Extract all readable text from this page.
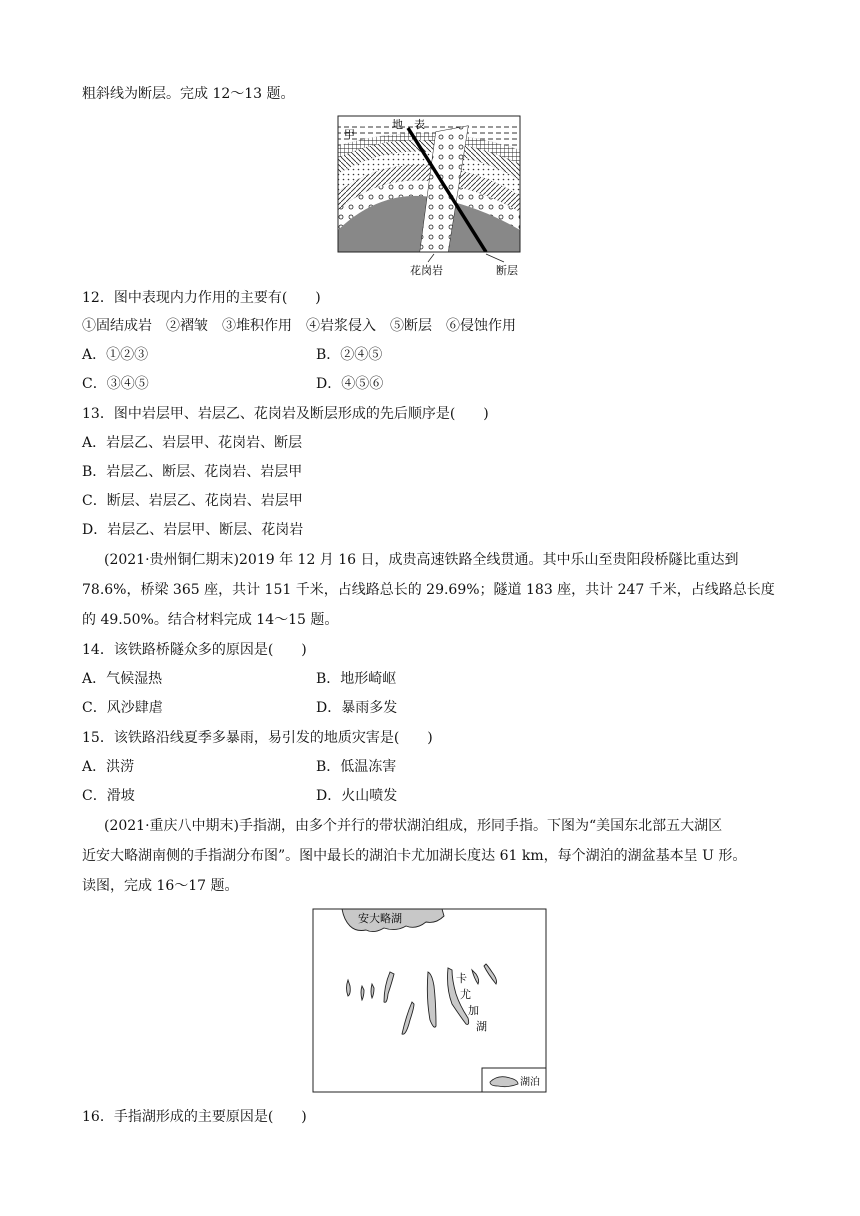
粗斜线为断层。完成 12～13 题。
甲
地　表
花岗岩	断层
12．图中表现内力作用的主要有(　　)
①固结成岩　②褶皱　③堆积作用　④岩浆侵入　⑤断层　⑥侵蚀作用
A．①②③	B．②④⑤
C．③④⑤	D．④⑤⑥
13．图中岩层甲、岩层乙、花岗岩及断层形成的先后顺序是(　　)
A．岩层乙、岩层甲、花岗岩、断层
B．岩层乙、断层、花岗岩、岩层甲
C．断层、岩层乙、花岗岩、岩层甲
D．岩层乙、岩层甲、断层、花岗岩
(2021·贵州铜仁期末)2019 年 12 月 16 日，成贵高速铁路全线贯通。其中乐山至贵阳段桥隧比重达到
78.6%，桥梁 365 座，共计 151 千米，占线路总长的 29.69%；隧道 183 座，共计 247 千米，占线路总长度
的 49.50%。结合材料完成 14～15 题。
14．该铁路桥隧众多的原因是(　　)
A．气候湿热	B．地形崎岖
C．风沙肆虐	D．暴雨多发
15．该铁路沿线夏季多暴雨，易引发的地质灾害是(　　)
A．洪涝	B．低温冻害
C．滑坡	D．火山喷发
(2021·重庆八中期末)手指湖，由多个并行的带状湖泊组成，形同手指。下图为“美国东北部五大湖区
近安大略湖南侧的手指湖分布图”。图中最长的湖泊卡尤加湖长度达 61 km，每个湖泊的湖盆基本呈 U 形。
读图，完成 16～17 题。
安大略湖
卡
尤
加
湖
湖泊
16．手指湖形成的主要原因是(　　)
